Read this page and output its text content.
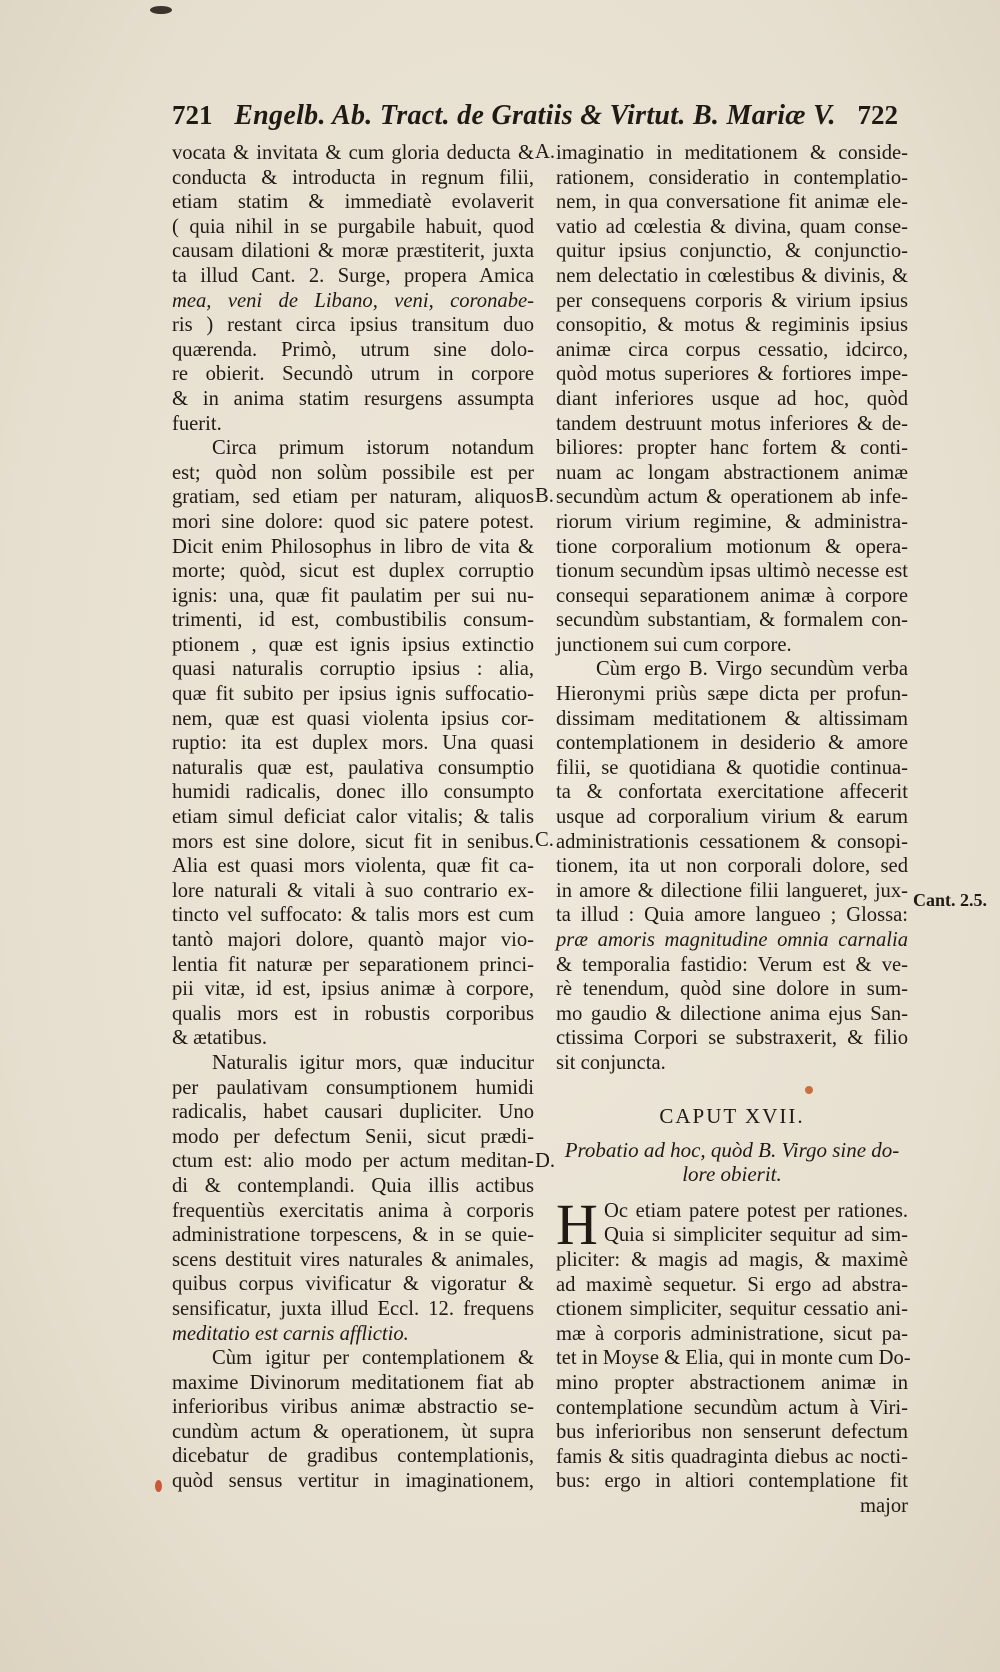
721 Engelb. Ab. Tract. de Gratiis & Virtut. B. Mariæ V. 722
vocata & invitata & cum gloria deducta &
conducta & introducta in regnum filii,
etiam statim & immediatè evolaverit
( quia nihil in se purgabile habuit, quod
causam dilationi & moræ præstiterit, juxta
ta illud Cant. 2. Surge, propera Amica
mea, veni de Libano, veni, coronabe-
ris ) restant circa ipsius transitum duo
quærenda. Primò, utrum sine dolo-
re obierit. Secundò utrum in corpore
& in anima statim resurgens assumpta
fuerit.
Circa primum istorum notandum
est; quòd non solùm possibile est per
gratiam, sed etiam per naturam, aliquos
mori sine dolore: quod sic patere potest.
Dicit enim Philosophus in libro de vita &
morte; quòd, sicut est duplex corruptio
ignis: una, quæ fit paulatim per sui nu-
trimenti, id est, combustibilis consum-
ptionem , quæ est ignis ipsius extinctio
quasi naturalis corruptio ipsius : alia,
quæ fit subito per ipsius ignis suffocatio-
nem, quæ est quasi violenta ipsius cor-
ruptio: ita est duplex mors. Una quasi
naturalis quæ est, paulativa consumptio
humidi radicalis, donec illo consumpto
etiam simul deficiat calor vitalis; & talis
mors est sine dolore, sicut fit in senibus.
Alia est quasi mors violenta, quæ fit ca-
lore naturali & vitali à suo contrario ex-
tincto vel suffocato: & talis mors est cum
tantò majori dolore, quantò major vio-
lentia fit naturæ per separationem princi-
pii vitæ, id est, ipsius animæ à corpore,
qualis mors est in robustis corporibus
& ætatibus.
Naturalis igitur mors, quæ inducitur
per paulativam consumptionem humidi
radicalis, habet causari dupliciter. Uno
modo per defectum Senii, sicut prædi-
ctum est: alio modo per actum meditan-
di & contemplandi. Quia illis actibus
frequentiùs exercitatis anima à corporis
administratione torpescens, & in se quie-
scens destituit vires naturales & animales,
quibus corpus vivificatur & vigoratur &
sensificatur, juxta illud Eccl. 12. frequens
meditatio est carnis afflictio.
Cùm igitur per contemplationem &
maxime Divinorum meditationem fiat ab
inferioribus viribus animæ abstractio se-
cundùm actum & operationem, ùt supra
dicebatur de gradibus contemplationis,
quòd sensus vertitur in imaginationem,
imaginatio in meditationem & conside-
rationem, consideratio in contemplatio-
nem, in qua conversatione fit animæ ele-
vatio ad cœlestia & divina, quam conse-
quitur ipsius conjunctio, & conjunctio-
nem delectatio in cœlestibus & divinis, &
per consequens corporis & virium ipsius
consopitio, & motus & regiminis ipsius
animæ circa corpus cessatio, idcirco,
quòd motus superiores & fortiores impe-
diant inferiores usque ad hoc, quòd
tandem destruunt motus inferiores & de-
biliores: propter hanc fortem & conti-
nuam ac longam abstractionem animæ
secundùm actum & operationem ab infe-
riorum virium regimine, & administra-
tione corporalium motionum & opera-
tionum secundùm ipsas ultimò necesse est
consequi separationem animæ à corpore
secundùm substantiam, & formalem con-
junctionem sui cum corpore.
Cùm ergo B. Virgo secundùm verba
Hieronymi priùs sæpe dicta per profun-
dissimam meditationem & altissimam
contemplationem in desiderio & amore
filii, se quotidiana & quotidie continua-
ta & confortata exercitatione affecerit
usque ad corporalium virium & earum
administrationis cessationem & consopi-
tionem, ita ut non corporali dolore, sed
in amore & dilectione filii langueret, jux-
ta illud : Quia amore langueo ; Glossa:
præ amoris magnitudine omnia carnalia
& temporalia fastidio: Verum est & ve-
rè tenendum, quòd sine dolore in sum-
mo gaudio & dilectione anima ejus San-
ctissima Corpori se substraxerit, & filio
sit conjuncta.
CAPUT XVII.
Probatio ad hoc, quòd B. Virgo sine do-
lore obierit.
H Oc etiam patere potest per rationes.
Quia si simpliciter sequitur ad sim-
pliciter: & magis ad magis, & maximè
ad maximè sequetur. Si ergo ad abstra-
ctionem simpliciter, sequitur cessatio ani-
mæ à corporis administratione, sicut pa-
tet in Moyse & Elia, qui in monte cum Do-
mino propter abstractionem animæ in
contemplatione secundùm actum à Viri-
bus inferioribus non senserunt defectum
famis & sitis quadraginta diebus ac nocti-
bus: ergo in altiori contemplatione fit
major
A.
B.
C.
D.
Cant. 2.5.
